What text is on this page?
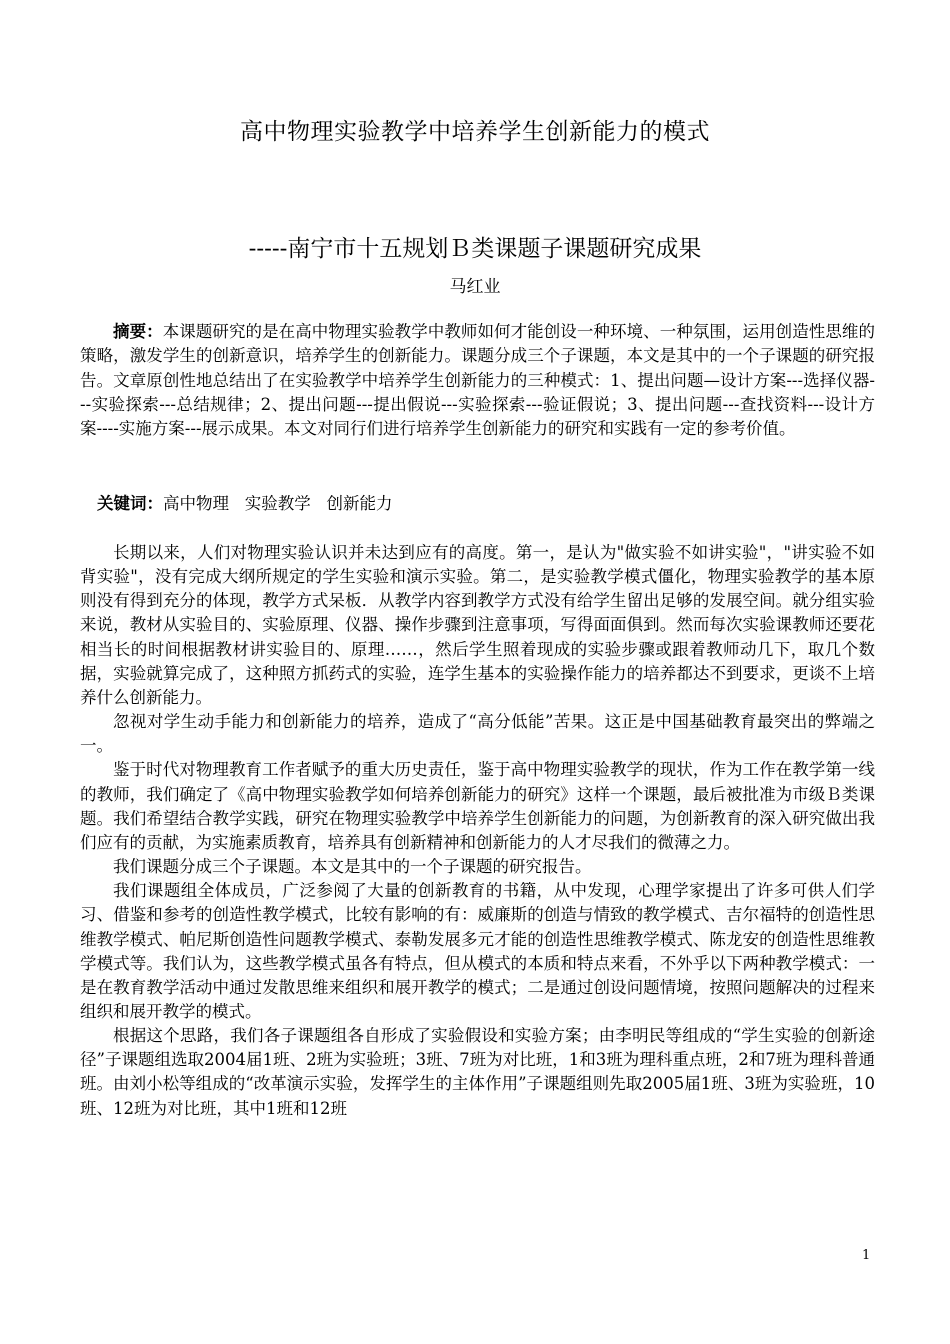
高中物理实验教学中培养学生创新能力的模式
-----南宁市十五规划Ｂ类课题子课题研究成果
马红业
摘要：本课题研究的是在高中物理实验教学中教师如何才能创设一种环境、一种氛围，运用创造性思维的策略，激发学生的创新意识，培养学生的创新能力。课题分成三个子课题，本文是其中的一个子课题的研究报告。文章原创性地总结出了在实验教学中培养学生创新能力的三种模式：1、提出问题—设计方案---选择仪器---实验探索---总结规律；2、提出问题---提出假说---实验探索---验证假说；3、提出问题---查找资料---设计方案----实施方案---展示成果。本文对同行们进行培养学生创新能力的研究和实践有一定的参考价值。
关键词：高中物理   实验教学   创新能力

长期以来，人们对物理实验认识并未达到应有的高度。第一，是认为"做实验不如讲实验"，"讲实验不如背实验"，没有完成大纲所规定的学生实验和演示实验。第二，是实验教学模式僵化，物理实验教学的基本原则没有得到充分的体现，教学方式呆板．从教学内容到教学方式没有给学生留出足够的发展空间。就分组实验来说，教材从实验目的、实验原理、仪器、操作步骤到注意事项，写得面面俱到。然而每次实验课教师还要花相当长的时间根据教材讲实验目的、原理……，然后学生照着现成的实验步骤或跟着教师动几下，取几个数据，实验就算完成了，这种照方抓药式的实验，连学生基本的实验操作能力的培养都达不到要求，更谈不上培养什么创新能力。

忽视对学生动手能力和创新能力的培养，造成了“高分低能”苦果。这正是中国基础教育最突出的弊端之一。

鉴于时代对物理教育工作者赋予的重大历史责任，鉴于高中物理实验教学的现状，作为工作在教学第一线的教师，我们确定了《高中物理实验教学如何培养创新能力的研究》这样一个课题，最后被批准为市级Ｂ类课题。我们希望结合教学实践，研究在物理实验教学中培养学生创新能力的问题，为创新教育的深入研究做出我们应有的贡献，为实施素质教育，培养具有创新精神和创新能力的人才尽我们的微薄之力。

我们课题分成三个子课题。本文是其中的一个子课题的研究报告。

我们课题组全体成员，广泛参阅了大量的创新教育的书籍，从中发现，心理学家提出了许多可供人们学习、借鉴和参考的创造性教学模式，比较有影响的有：威廉斯的创造与情致的教学模式、吉尔福特的创造性思维教学模式、帕尼斯创造性问题教学模式、泰勒发展多元才能的创造性思维教学模式、陈龙安的创造性思维教学模式等。我们认为，这些教学模式虽各有特点，但从模式的本质和特点来看，不外乎以下两种教学模式：一是在教育教学活动中通过发散思维来组织和展开教学的模式；二是通过创设问题情境，按照问题解决的过程来组织和展开教学的模式。

根据这个思路，我们各子课题组各自形成了实验假设和实验方案；由李明民等组成的“学生实验的创新途径”子课题组选取2004届1班、2班为实验班；3班、7班为对比班，1和3班为理科重点班，2和7班为理科普通班。由刘小松等组成的“改革演示实验，发挥学生的主体作用”子课题组则先取2005届1班、3班为实验班，10班、12班为对比班，其中1班和12班

1
